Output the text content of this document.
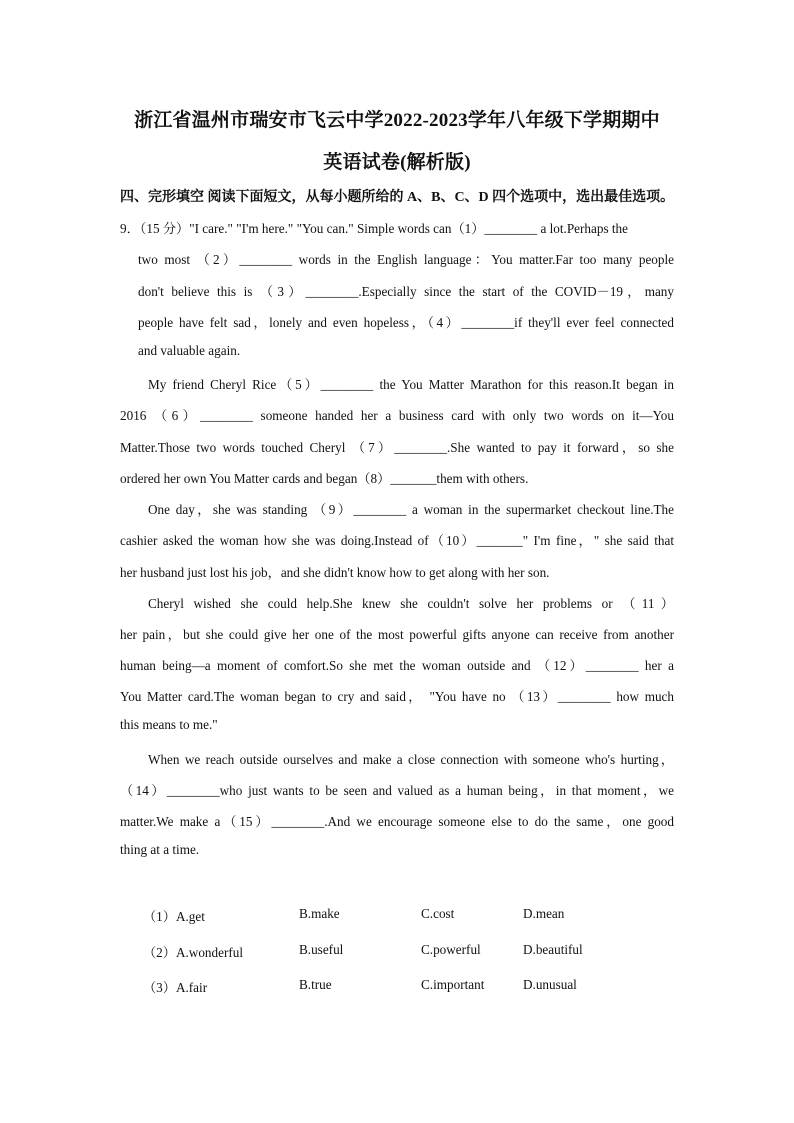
浙江省温州市瑞安市飞云中学2022-2023学年八年级下学期期中
英语试卷(解析版)
四、完形填空 阅读下面短文，从每小题所给的 A、B、C、D 四个选项中，选出最佳选项。
9．（15 分）"I care." "I'm here." "You can." Simple words can（1）________ a lot.Perhaps the
two most （2）________ words in the English language：You matter.Far too many people
don't believe this is （3）________.Especially since the start of the COVID－19，many
people have felt sad，lonely and even hopeless，（4）________if they'll ever feel connected
and valuable again.
My friend Cheryl Rice（5）________ the You Matter Marathon for this reason.It began in
2016 （6）________ someone handed her a business card with only two words on it—You
Matter.Those two words touched Cheryl （7）________.She wanted to pay it forward，so she
ordered her own You Matter cards and began（8）_______them with others.
One day，she was standing （9）________ a woman in the supermarket checkout line.The
cashier asked the woman how she was doing.Instead of（10）_______" I'm fine，" she said that
her husband just lost his job，and she didn't know how to get along with her son.
Cheryl wished she could help.She knew she couldn't solve her problems or （11）
her pain，but she could give her one of the most powerful gifts anyone can receive from another
human being—a moment of comfort.So she met the woman outside and （12）________ her a
You Matter card.The woman began to cry and said， "You have no （13）________ how much
this means to me."
When we reach outside ourselves and make a close connection with someone who's hurting，
（14）________who just wants to be seen and valued as a human being，in that moment，we
matter.We make a（15）________.And we encourage someone else to do the same，one good
thing at a time.
（1）A.get	B.make	C.cost	D.mean
（2）A.wonderful	B.useful	C.powerful	D.beautiful
（3）A.fair	B.true	C.important	D.unusual
